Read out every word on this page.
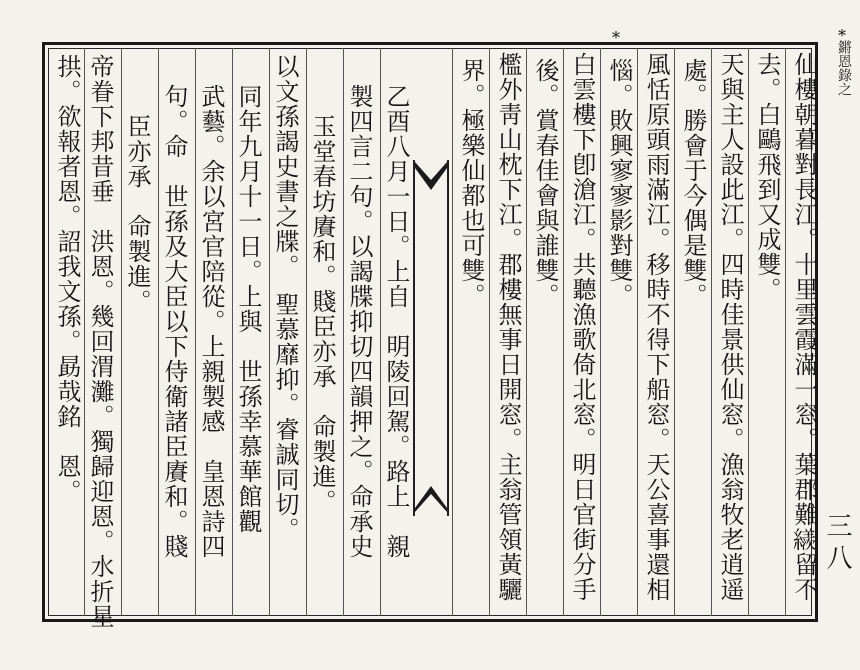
仙樓朝暮對長江。十里雲霞滿一窓。葉郡難𦆀留不
去。白鷗飛到又成雙。
天與主人設此江。四時佳景供仙窓。漁翁牧老逍遥
處。勝會于今偶是雙。
風恬原頭雨滿江。移時不得下船窓。天公喜事還相
惱。敗興寥寥影對雙。
白雲樓下卽滄江。共聽漁歌倚北窓。明日官街分手
後。賞春佳會與誰雙。
檻外靑山枕下江。郡樓無事日開窓。主翁管領黃驪
界。極樂仙都也可雙。
乙酉八月一日。上自　明陵回駕。路上　親
製四言二句。以謁牒抑切四韻押之。命承史
玉堂春坊賡和。賤臣亦承　命製進。
以文孫謁史書之牒。　聖慕靡抑。睿誠同切。
同年九月十一日。上與　世孫幸慕華館觀
武藝。余以宮官陪從。上親製感　皇恩詩四
句。命　世孫及大臣以下侍衛諸臣賡和。賤
臣亦承　命製進。
帝眷下邦昔垂　洪恩。幾回渭灘。獨歸迎恩。水折星
拱。欲報者恩。詔我文孫。勗哉銘　恩。
*
*
鏘恩錄之
三八
